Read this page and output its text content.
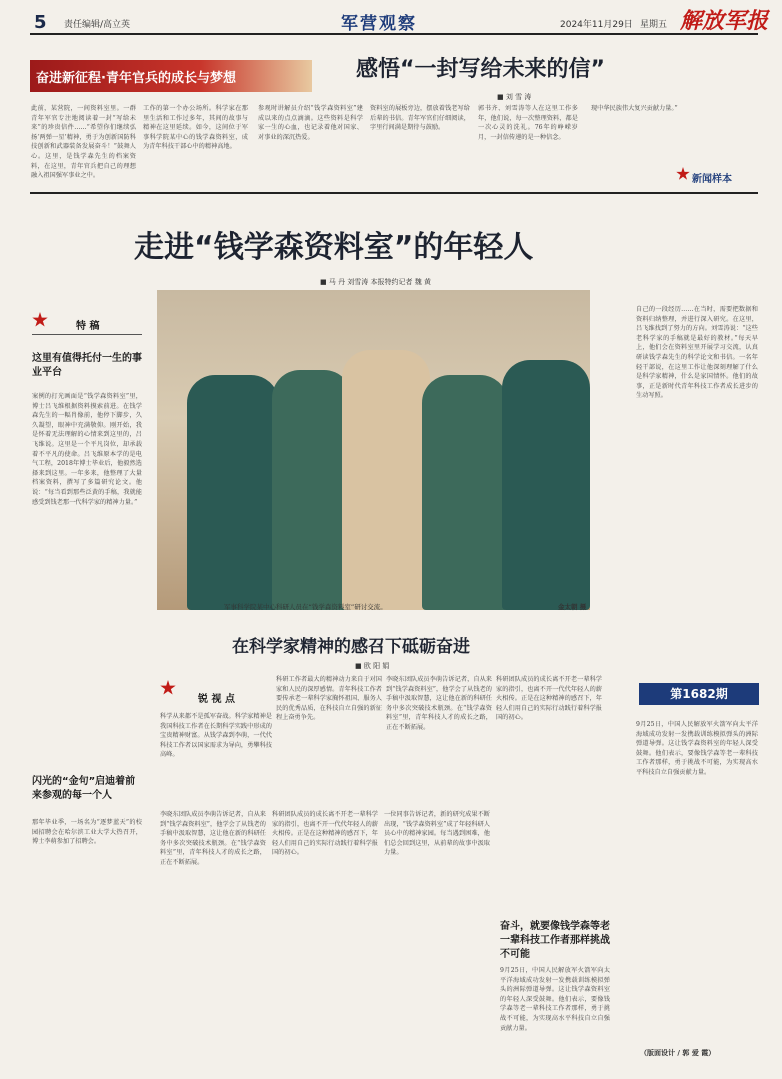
5 责任编辑/高立英	军营观察	2024年11月29日 星期五 解放军报
奋进新征程·青年官兵的成长与梦想	感悟“一封写给未来的信”
■ 刘 雪 涛
此前，某营院，一间资料室里。一群青年军官专注地阅读着一封“写给未来”的珍贵信件……“希望你们继续弘扬‘两弹一星’精神，勇于为创新国防科技创新和武器装备发展奋斗！”鼓舞人心。这里，是钱学森先生的档案资料，在这里，青年官兵把自己的理想融入祖国强军事业之中。
工作的第一个办公场所。科学家在那里生活和工作过多年，其间的故事与精神在这里延续。如今，这间位于军事科学院某中心的钱学森资料室，成为青年科技干部心中的精神高地。
参观时讲解员介绍“钱学森资料室”建成以来的点点滴滴。这些资料是科学家一生的心血，也记录着他对国家、对事业的深沉热爱。
资料室的展板旁边，摆放着钱老写给后辈的书信。青年军官们仔细阅读，字里行间满是期待与鼓励。
郭书齐、刘雪涛等人在这里工作多年，他们说，每一次整理资料，都是一次心灵的洗礼。76年的峥嵘岁月，一封信传递的是一种信念。
现中华民族伟大复兴贡献力量。”
新闻样本
走进“钱学森资料室”的年轻人
■ 马 丹 刘雪涛 本报特约记者 魏 黄
特 稿
这里有值得托付一生的事业平台
案例的打光画面是“钱学森资料室”里，博士吕飞维根据资料摸索前进。在钱学森先生的一幅肖像前，他停下脚步，久久凝望，眼神中充满敬仰。刚开始，我是怀着无法理解的心情来到这里的，吕飞维说。这里是一个平凡岗位，却承载着不平凡的使命。吕飞维原本学的是电气工程，2018年博士毕业后，他毅然选择来到这里。一年多来，他整理了大量档案资料，撰写了多篇研究论文。他说：“每当看到那些泛黄的手稿，我就能感受到钱老那一代科学家的精神力量。”
闪光的“金句”启迪着前来参观的每一个人
那年毕业季，一场名为“逐梦蓝天”的校园招聘会在哈尔滨工业大学大热召开，博士李萌参加了招聘会。
军事科学院某中心科研人员在“钱学森资料室”研讨交流。	金太朝 摄
在科学家精神的感召下砥砺奋进
■ 欧 阳 娟
锐 视 点
科学从来都不是孤军奋战。科学家精神是我国科技工作者在长期科学实践中形成的宝贵精神财富。从钱学森到李萌，一代代科技工作者以国家需求为导向，勇攀科技高峰。
科研工作者最大的精神动力来自于对国家和人民的深厚感情。青年科技工作者要传承老一辈科学家胸怀祖国、服务人民的优秀品质，在科技自立自强的新征程上奋勇争先。
李晓东团队成员李萌告诉记者，自从来到“钱学森资料室”，他学会了从钱老的手稿中汲取智慧，这让他在新的科研任务中多次突破技术瓶颈。在“钱学森资料室”里，青年科技人才的成长之路，正在不断拓展。
科研团队成员的成长离不开老一辈科学家的指引，也离不开一代代年轻人的薪火相传。正是在这种精神的感召下，年轻人们用自己的实际行动践行着科学报国的初心。
李晓东团队成员李萌告诉记者，自从来到“钱学森资料室”，他学会了从钱老的手稿中汲取智慧，这让他在新的科研任务中多次突破技术瓶颈。在“钱学森资料室”里，青年科技人才的成长之路，正在不断拓展。
科研团队成员的成长离不开老一辈科学家的指引，也离不开一代代年轻人的薪火相传。正是在这种精神的感召下，年轻人们用自己的实际行动践行着科学报国的初心。
一位同事告诉记者，新的研究成果不断出现，“钱学森资料室”成了年轻科研人员心中的精神家园。每当遇到困难，他们总会回到这里，从前辈的故事中汲取力量。
奋斗，就要像钱学森等老一辈科技工作者那样挑战不可能
9月25日，中国人民解放军火箭军向太平洋海域成功发射一发携载训练模拟弹头的洲际弹道导弹。这让钱学森资料室的年轻人深受鼓舞。他们表示，要像钱学森等老一辈科技工作者那样，勇于挑战不可能，为实现高水平科技自立自强贡献力量。
自己的一段经历……在当时，需要把数据和资料归纳整理，并进行深入研究。在这里，吕飞维找到了努力的方向。刘雪涛说：“这些老科学家的手稿就是最好的教材。”每天早上，他们会在资料室里开展学习交流，认真研读钱学森先生的科学论文和书信。一名年轻干部说，在这里工作让他深刻理解了什么是科学家精神，什么是家国情怀。他们的故事，正是新时代青年科技工作者成长进步的生动写照。
第1682期
9月25日，中国人民解放军火箭军向太平洋海域成功发射一发携载训练模拟弹头的洲际弹道导弹。这让钱学森资料室的年轻人深受鼓舞。他们表示，要像钱学森等老一辈科技工作者那样，勇于挑战不可能，为实现高水平科技自立自强贡献力量。
（版面设计 / 郭 爱 霞）
